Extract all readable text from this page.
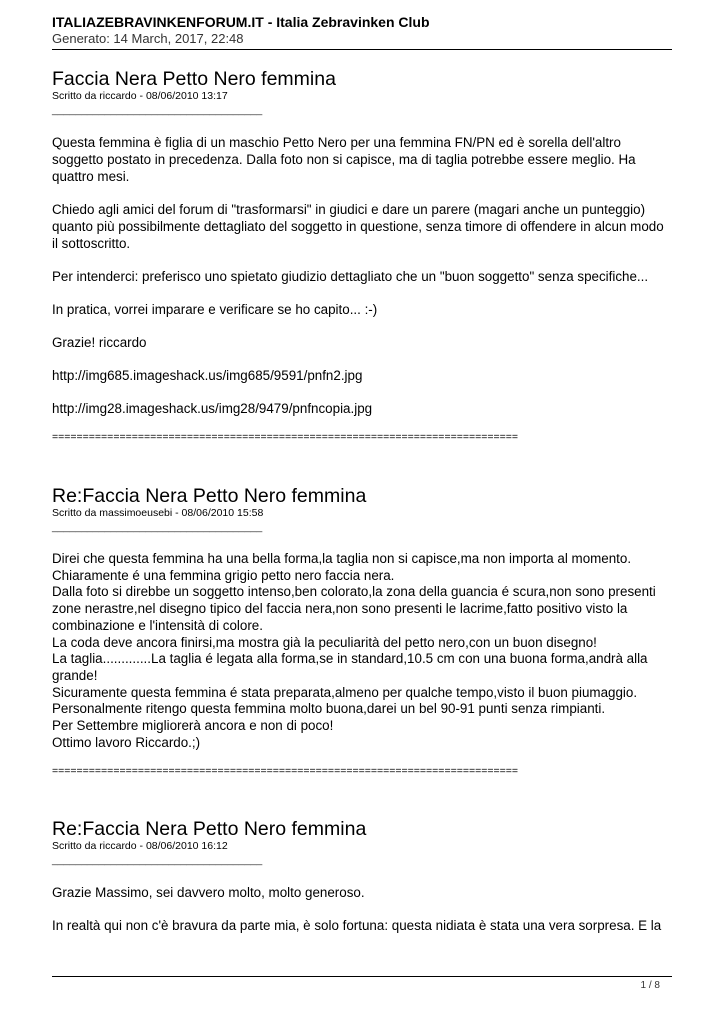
ITALIAZEBRAVINKENFORUM.IT - Italia Zebravinken Club
Generato: 14 March, 2017, 22:48
Faccia Nera Petto Nero femmina
Scritto da riccardo - 08/06/2010 13:17
____________________________________

Questa femmina è figlia di un maschio Petto Nero per una femmina FN/PN ed è sorella dell'altro soggetto postato in precedenza. Dalla foto non si capisce, ma di taglia potrebbe essere meglio. Ha quattro mesi.

Chiedo agli amici del forum di "trasformarsi" in giudici e dare un parere (magari anche un punteggio) quanto più possibilmente dettagliato del soggetto in questione, senza timore di offendere in alcun modo il sottoscritto.

Per intenderci: preferisco uno spietato giudizio dettagliato che un "buon soggetto" senza specifiche...

In pratica, vorrei imparare e verificare se ho capito... :-)

Grazie! riccardo

http://img685.imageshack.us/img685/9591/pnfn2.jpg

http://img28.imageshack.us/img28/9479/pnfncopia.jpg

============================================================================
Re:Faccia Nera Petto Nero femmina
Scritto da massimoeusebi - 08/06/2010 15:58
____________________________________
Direi che questa femmina ha una bella forma,la taglia non si capisce,ma non importa al momento.
Chiaramente é una femmina grigio petto nero faccia nera.
Dalla foto si direbbe un soggetto intenso,ben colorato,la zona della guancia é scura,non sono presenti zone nerastre,nel disegno tipico del faccia nera,non sono presenti le lacrime,fatto positivo visto la combinazione e l'intensità di colore.
La coda deve ancora finirsi,ma mostra già la peculiarità del petto nero,con un buon disegno!
La taglia.............La taglia é legata alla forma,se in standard,10.5 cm con una buona forma,andrà alla grande!
Sicuramente questa femmina é stata preparata,almeno per qualche tempo,visto il buon piumaggio.
Personalmente ritengo questa femmina molto buona,darei un bel 90-91 punti senza rimpianti.
Per Settembre migliorerà ancora e non di poco!
Ottimo lavoro Riccardo.;)
============================================================================
Re:Faccia Nera Petto Nero femmina
Scritto da riccardo - 08/06/2010 16:12
____________________________________

Grazie Massimo, sei davvero molto, molto generoso.

In realtà qui non c'è bravura da parte mia, è solo fortuna: questa nidiata è stata una vera sorpresa. E la

1 / 8
